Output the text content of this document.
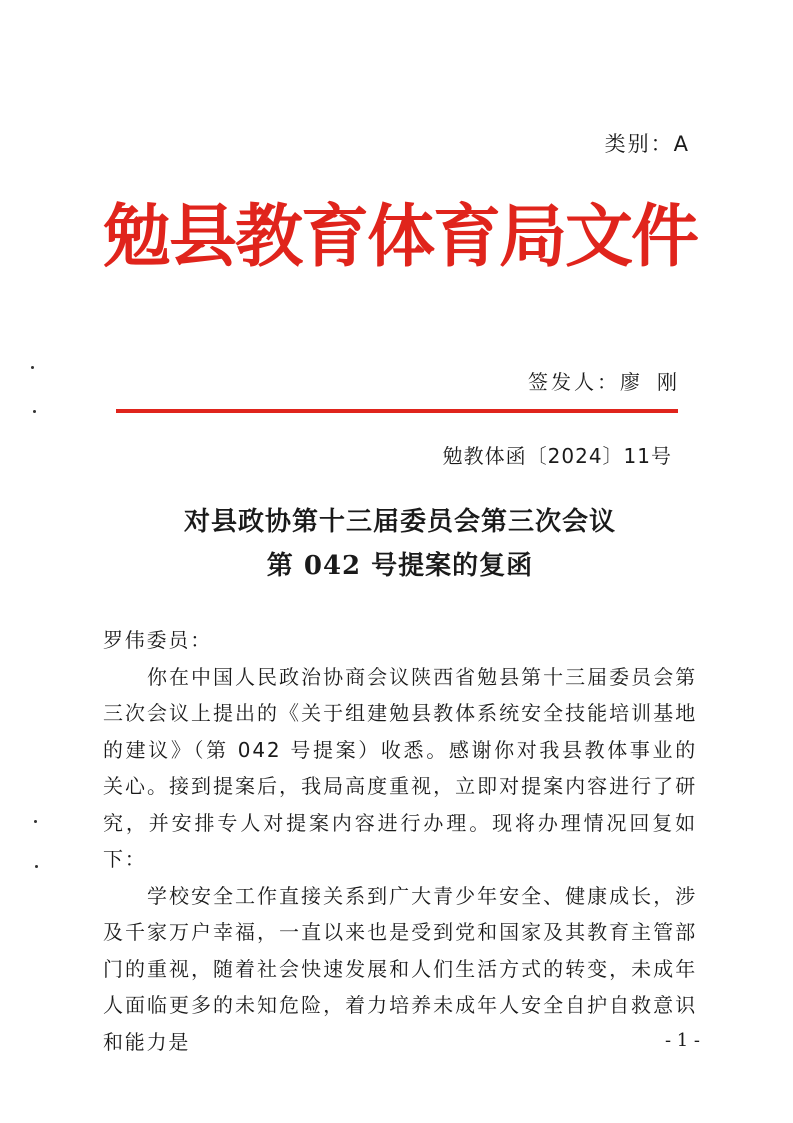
类别：A
勉县教育体育局文件
签发人：廖 刚
勉教体函〔2024〕11号
对县政协第十三届委员会第三次会议
第 042 号提案的复函

罗伟委员：

你在中国人民政治协商会议陕西省勉县第十三届委员会第三次会议上提出的《关于组建勉县教体系统安全技能培训基地的建议》（第 042 号提案）收悉。感谢你对我县教体事业的关心。接到提案后，我局高度重视，立即对提案内容进行了研究，并安排专人对提案内容进行办理。现将办理情况回复如下：

学校安全工作直接关系到广大青少年安全、健康成长，涉及千家万户幸福，一直以来也是受到党和国家及其教育主管部门的重视，随着社会快速发展和人们生活方式的转变，未成年人面临更多的未知危险，着力培养未成年人安全自护自救意识和能力是	- 1 -
